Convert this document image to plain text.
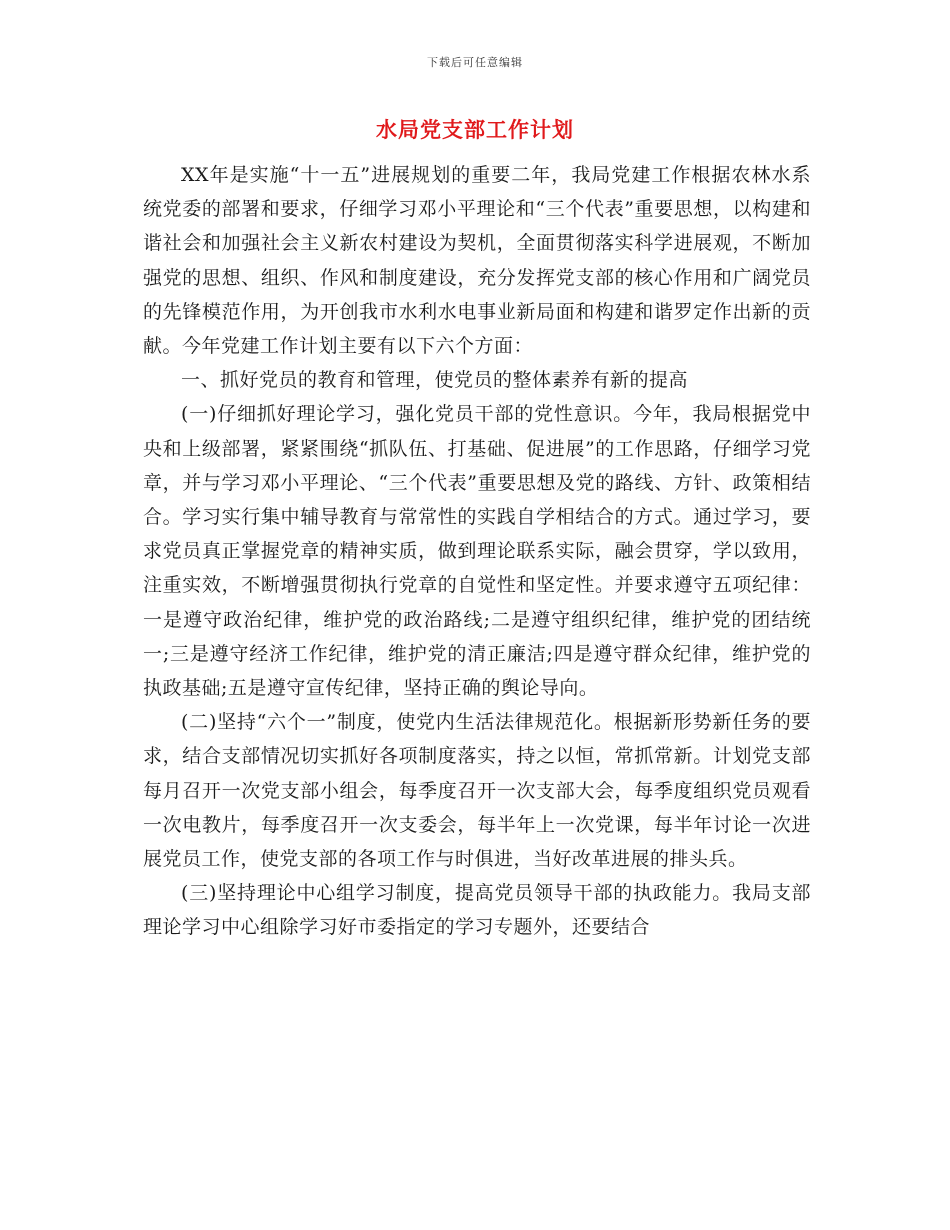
下载后可任意编辑
水局党支部工作计划

XX年是实施“十一五”进展规划的重要二年，我局党建工作根据农林水系统党委的部署和要求，仔细学习邓小平理论和“三个代表”重要思想，以构建和谐社会和加强社会主义新农村建设为契机，全面贯彻落实科学进展观，不断加强党的思想、组织、作风和制度建设，充分发挥党支部的核心作用和广阔党员的先锋模范作用，为开创我市水利水电事业新局面和构建和谐罗定作出新的贡献。今年党建工作计划主要有以下六个方面：

一、抓好党员的教育和管理，使党员的整体素养有新的提高

(一)仔细抓好理论学习，强化党员干部的党性意识。今年，我局根据党中央和上级部署，紧紧围绕“抓队伍、打基础、促进展”的工作思路，仔细学习党章，并与学习邓小平理论、“三个代表”重要思想及党的路线、方针、政策相结合。学习实行集中辅导教育与常常性的实践自学相结合的方式。通过学习，要求党员真正掌握党章的精神实质，做到理论联系实际，融会贯穿，学以致用，注重实效，不断增强贯彻执行党章的自觉性和坚定性。并要求遵守五项纪律：一是遵守政治纪律，维护党的政治路线;二是遵守组织纪律，维护党的团结统一;三是遵守经济工作纪律，维护党的清正廉洁;四是遵守群众纪律，维护党的执政基础;五是遵守宣传纪律，坚持正确的舆论导向。

(二)坚持“六个一”制度，使党内生活法律规范化。根据新形势新任务的要求，结合支部情况切实抓好各项制度落实，持之以恒，常抓常新。计划党支部每月召开一次党支部小组会，每季度召开一次支部大会，每季度组织党员观看一次电教片，每季度召开一次支委会，每半年上一次党课，每半年讨论一次进展党员工作，使党支部的各项工作与时俱进，当好改革进展的排头兵。

(三)坚持理论中心组学习制度，提高党员领导干部的执政能力。我局支部理论学习中心组除学习好市委指定的学习专题外，还要结合
